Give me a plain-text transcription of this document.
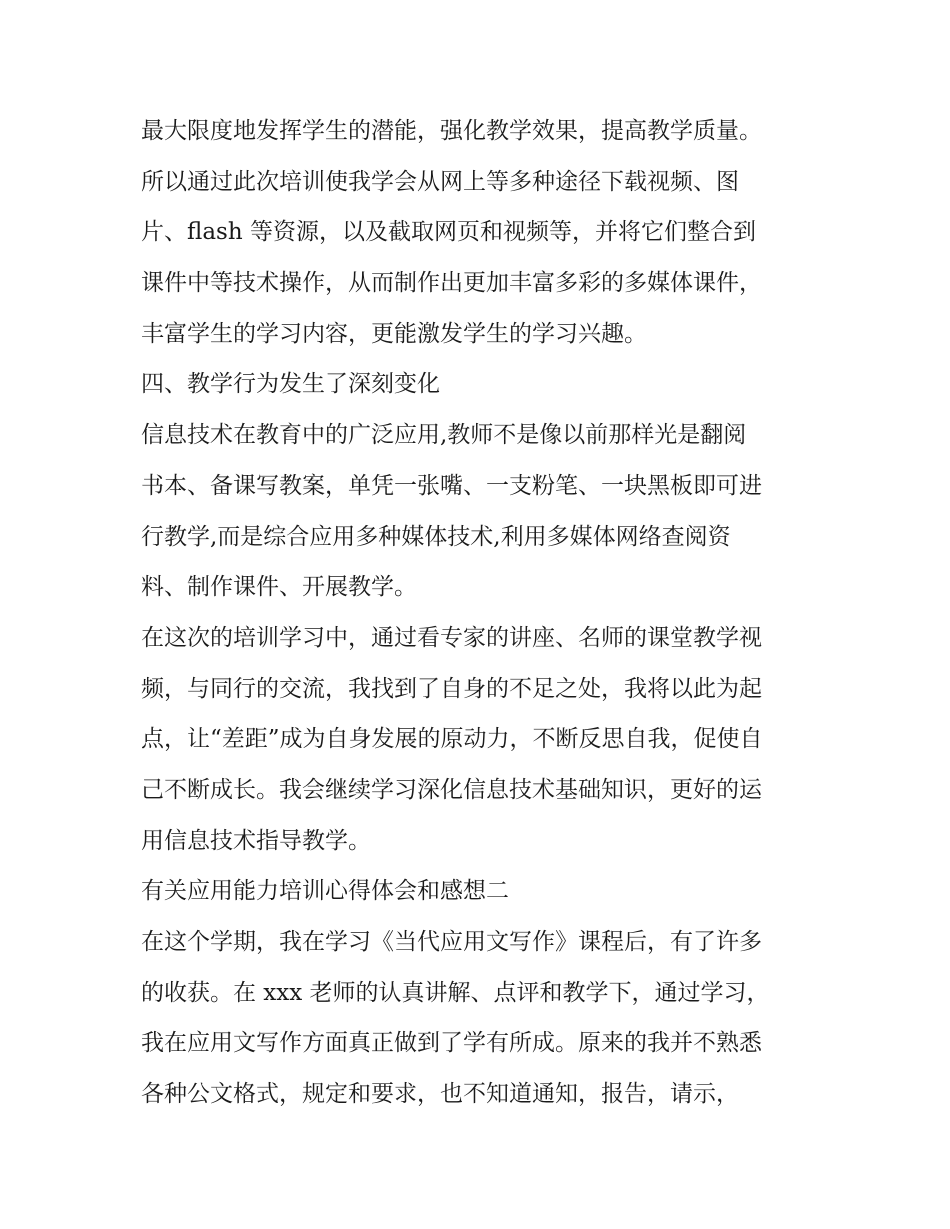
最大限度地发挥学生的潜能，强化教学效果，提高教学质量。
所以通过此次培训使我学会从网上等多种途径下载视频、图
片、flash 等资源，以及截取网页和视频等，并将它们整合到
课件中等技术操作，从而制作出更加丰富多彩的多媒体课件，
丰富学生的学习内容，更能激发学生的学习兴趣。
四、教学行为发生了深刻变化
信息技术在教育中的广泛应用,教师不是像以前那样光是翻阅
书本、备课写教案，单凭一张嘴、一支粉笔、一块黑板即可进
行教学,而是综合应用多种媒体技术,利用多媒体网络查阅资
料、制作课件、开展教学。
在这次的培训学习中，通过看专家的讲座、名师的课堂教学视
频，与同行的交流，我找到了自身的不足之处，我将以此为起
点，让“差距”成为自身发展的原动力，不断反思自我，促使自
己不断成长。我会继续学习深化信息技术基础知识，更好的运
用信息技术指导教学。
有关应用能力培训心得体会和感想二
在这个学期，我在学习《当代应用文写作》课程后，有了许多
的收获。在 xxx 老师的认真讲解、点评和教学下，通过学习，
我在应用文写作方面真正做到了学有所成。原来的我并不熟悉
各种公文格式，规定和要求，也不知道通知，报告，请示，
